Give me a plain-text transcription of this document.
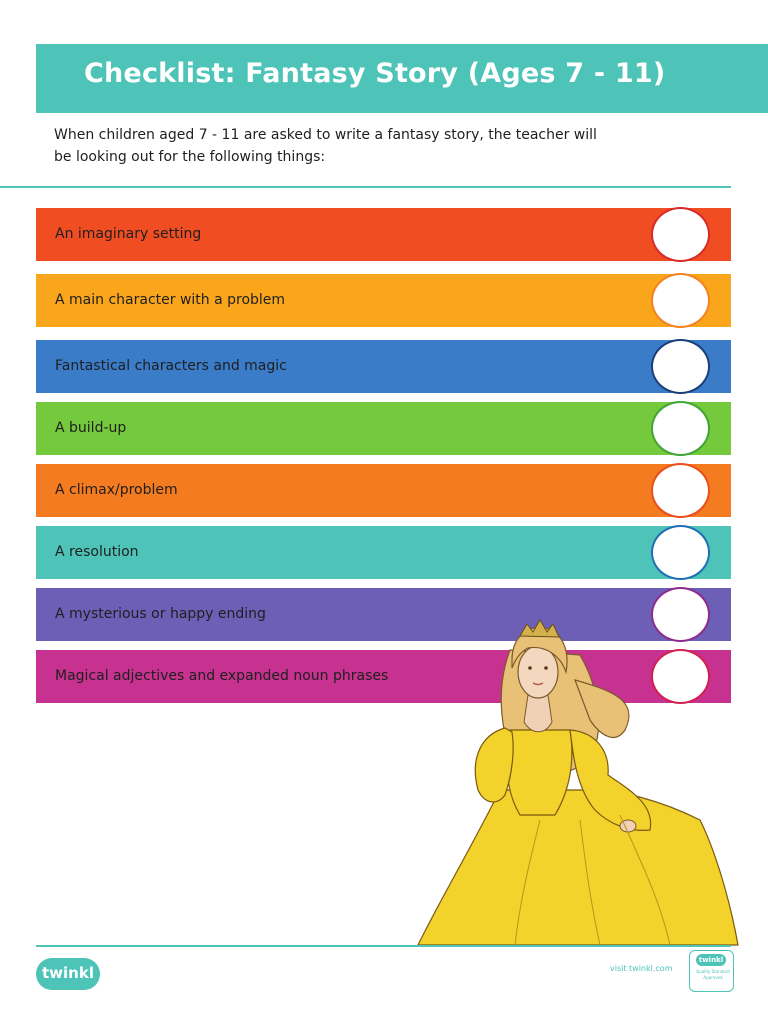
Checklist: Fantasy Story (Ages 7 - 11)
When children aged 7 - 11 are asked to write a fantasy story, the teacher will
be looking out for the following things:
An imaginary setting
A main character with a problem
Fantastical characters and magic
A build-up
A climax/problem
A resolution
A mysterious or happy ending
Magical adjectives and expanded noun phrases
twinkl	visit twinkl.com
twinkl
Quality Standard
Approved
